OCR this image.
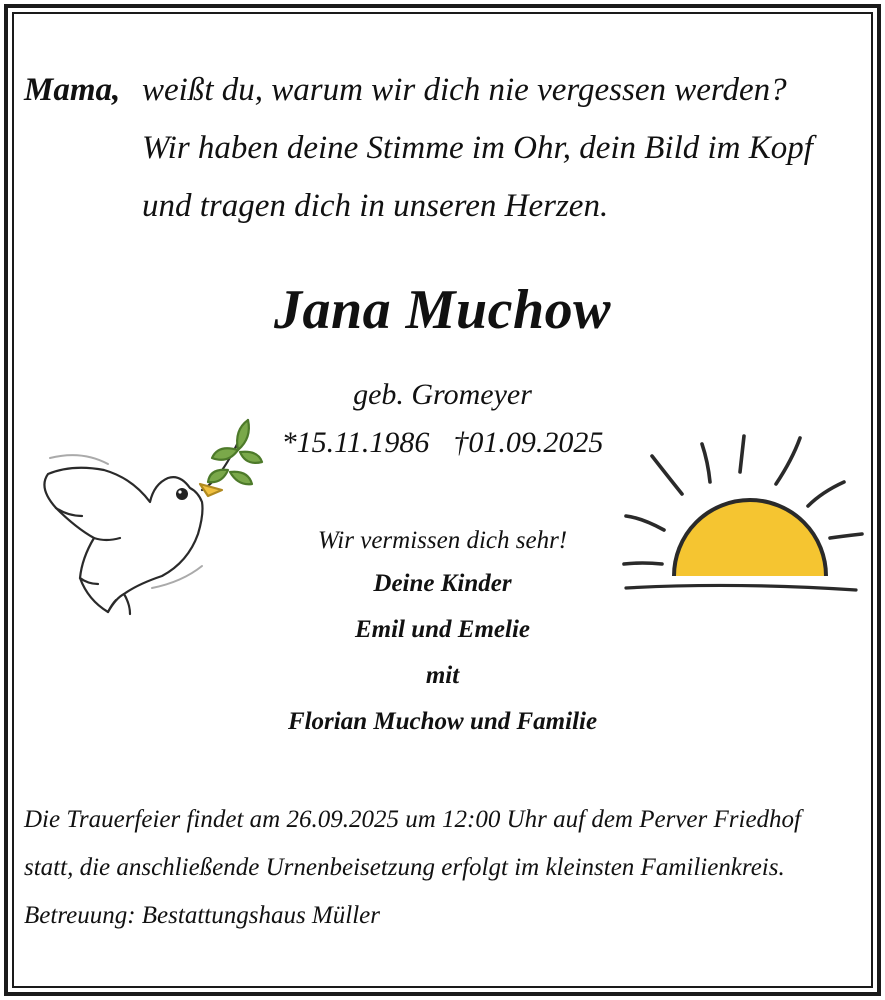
Mama, weißt du, warum wir dich nie vergessen werden?
Wir haben deine Stimme im Ohr, dein Bild im Kopf
und tragen dich in unseren Herzen.
Jana Muchow
geb. Gromeyer
*15.11.1986 †01.09.2025
Wir vermissen dich sehr!
Deine Kinder
Emil und Emelie
mit
Florian Muchow und Familie
Die Trauerfeier findet am 26.09.2025 um 12:00 Uhr auf dem Perver Friedhof
statt, die anschließende Urnenbeisetzung erfolgt im kleinsten Familienkreis.
Betreuung: Bestattungshaus Müller
